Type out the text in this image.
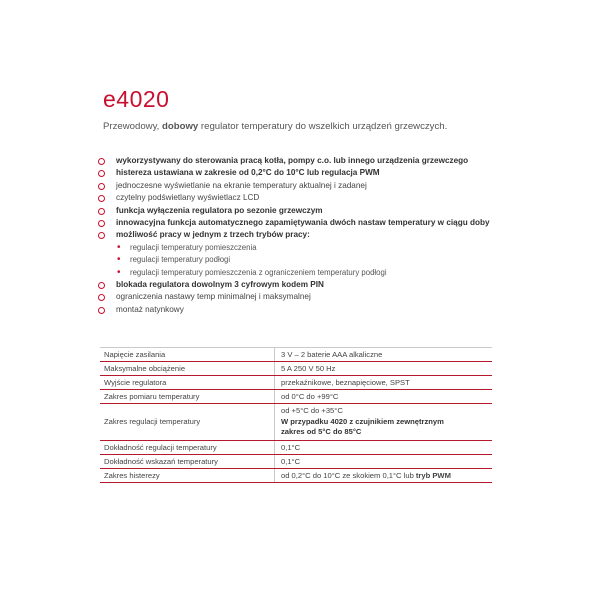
e4020
Przewodowy, dobowy regulator temperatury do wszelkich urządzeń grzewczych.
wykorzystywany do sterowania pracą kotła, pompy c.o. lub innego urządzenia grzewczego
histereza ustawiana w zakresie od 0,2°C do 10°C lub regulacja PWM
jednoczesne wyświetlanie na ekranie temperatury aktualnej i zadanej
czytelny podświetlany wyświetlacz LCD
funkcja wyłączenia regulatora po sezonie grzewczym
innowacyjna funkcja automatycznego zapamiętywania dwóch nastaw temperatury w ciągu doby
możliwość pracy w jednym z trzech trybów pracy:
• regulacji temperatury pomieszczenia
• regulacji temperatury podłogi
• regulacji temperatury pomieszczenia z ograniczeniem temperatury podłogi
blokada regulatora dowolnym 3 cyfrowym kodem PIN
ograniczenia nastawy temp minimalnej i maksymalnej
montaż natynkowy
Napięcie zasilania	3 V – 2 baterie AAA alkaliczne
Maksymalne obciążenie	5 A 250 V 50 Hz
Wyjście regulatora	przekaźnikowe, beznapięciowe, SPST
Zakres pomiaru temperatury	od 0°C do +99°C
Zakres regulacji temperatury	od +5°C do +35°C
W przypadku 4020 z czujnikiem zewnętrznym
zakres od 5°C do 85°C

Dokładność regulacji temperatury	0,1°C
Dokładność wskazań temperatury	0,1°C
Zakres histerezy	od 0,2°C do 10°C ze skokiem 0,1°C lub tryb PWM
